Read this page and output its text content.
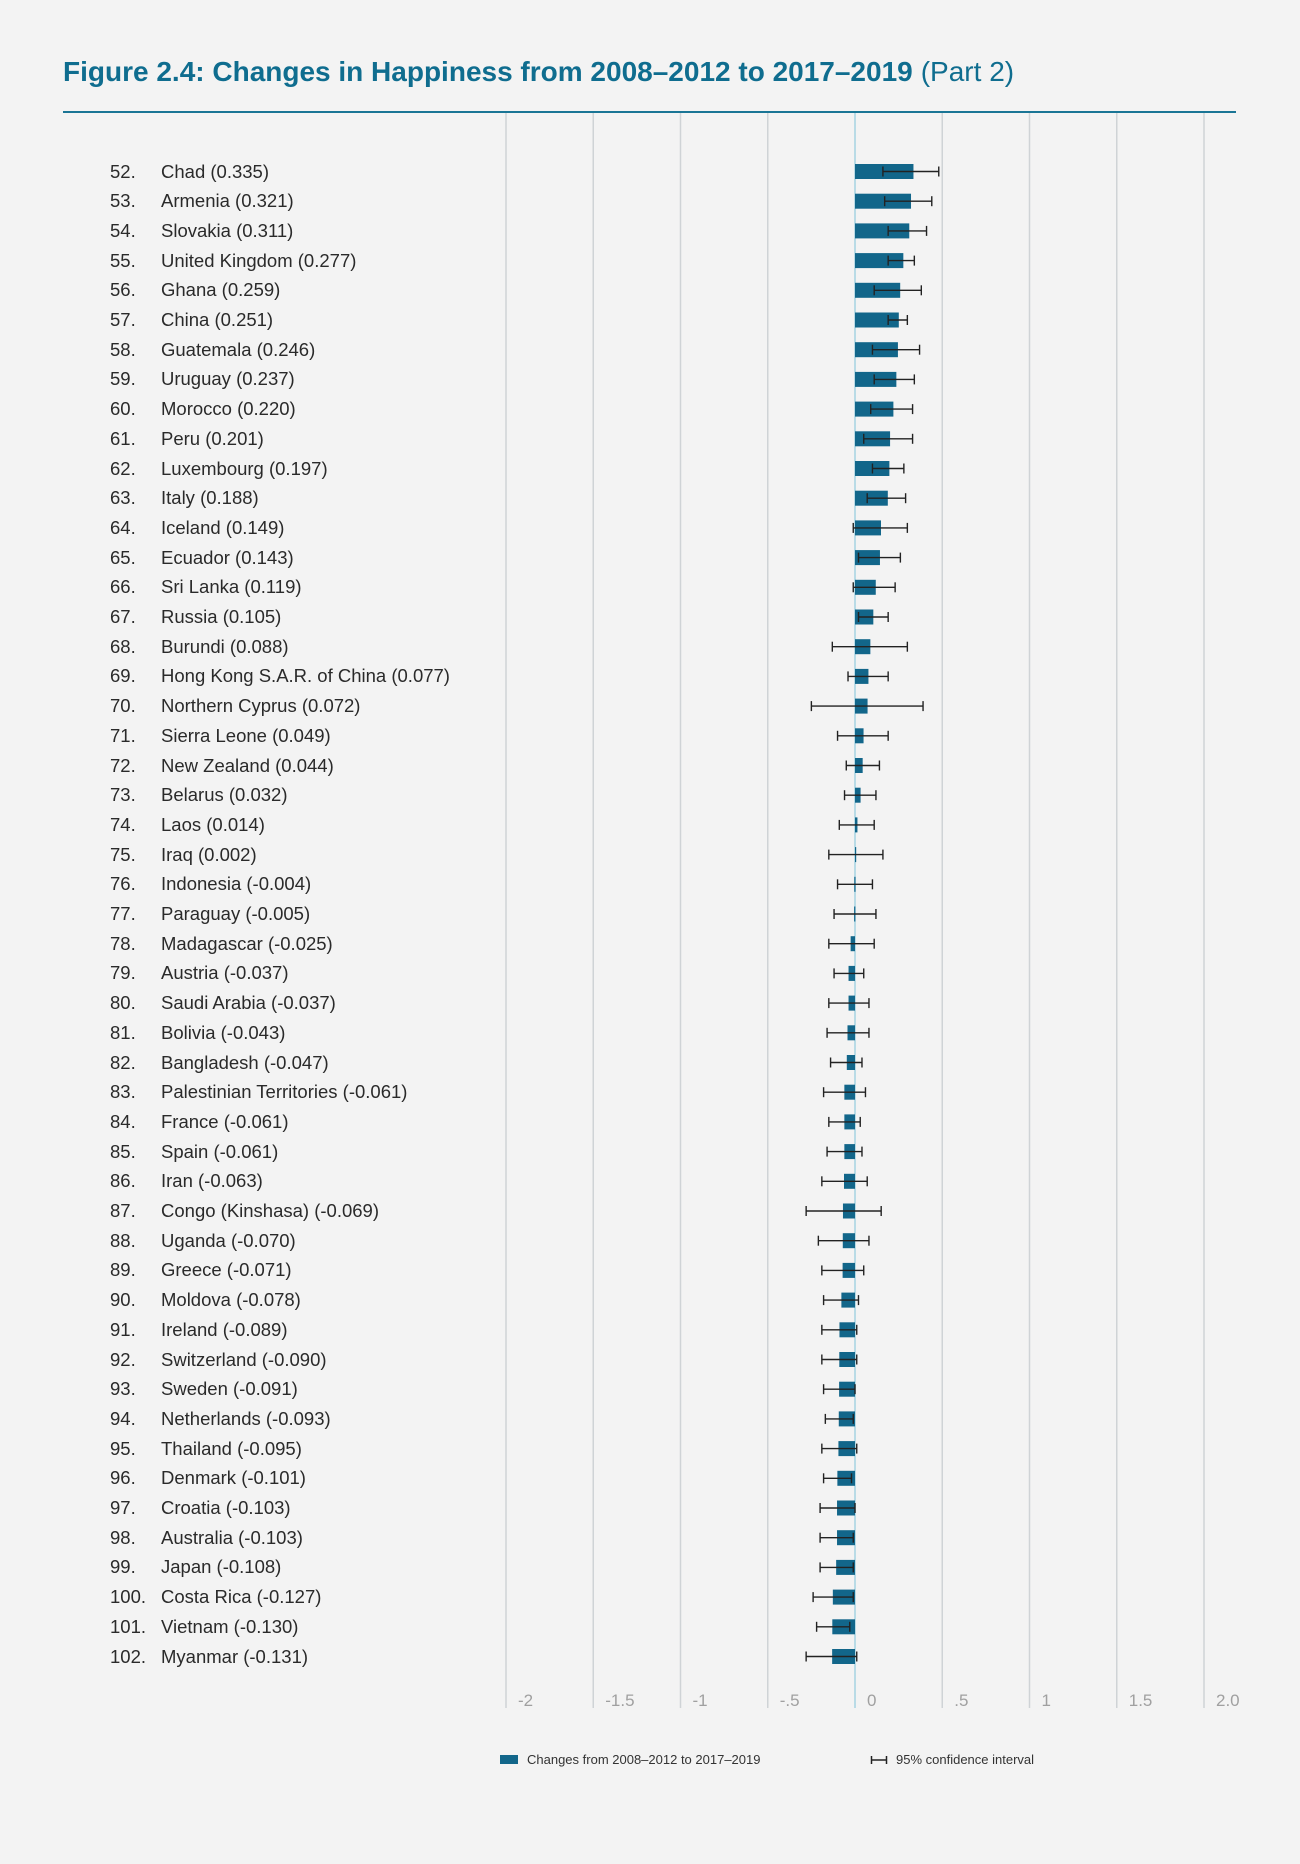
Figure 2.4: Changes in Happiness from 2008–2012 to 2017–2019 (Part 2)
-2	-1.5	-1	-.5	0	.5	1	1.5	2.0
52. Chad (0.335)
53. Armenia (0.321)
54. Slovakia (0.311)
55. United Kingdom (0.277)
56. Ghana (0.259)
57. China (0.251)
58. Guatemala (0.246)
59. Uruguay (0.237)
60. Morocco (0.220)
61. Peru (0.201)
62. Luxembourg (0.197)
63. Italy (0.188)
64. Iceland (0.149)
65. Ecuador (0.143)
66. Sri Lanka (0.119)
67. Russia (0.105)
68. Burundi (0.088)
69. Hong Kong S.A.R. of China (0.077)
70. Northern Cyprus (0.072)
71. Sierra Leone (0.049)
72. New Zealand (0.044)
73. Belarus (0.032)
74. Laos (0.014)
75. Iraq (0.002)
76. Indonesia (-0.004)
77. Paraguay (-0.005)
78. Madagascar (-0.025)
79. Austria (-0.037)
80. Saudi Arabia (-0.037)
81. Bolivia (-0.043)
82. Bangladesh (-0.047)
83. Palestinian Territories (-0.061)
84. France (-0.061)
85. Spain (-0.061)
86. Iran (-0.063)
87. Congo (Kinshasa) (-0.069)
88. Uganda (-0.070)
89. Greece (-0.071)
90. Moldova (-0.078)
91. Ireland (-0.089)
92. Switzerland (-0.090)
93. Sweden (-0.091)
94. Netherlands (-0.093)
95. Thailand (-0.095)
96. Denmark (-0.101)
97. Croatia (-0.103)
98. Australia (-0.103)
99. Japan (-0.108)
100. Costa Rica (-0.127)
101. Vietnam (-0.130)
102. Myanmar (-0.131)
Changes from 2008–2012 to 2017–2019	95% confidence interval
